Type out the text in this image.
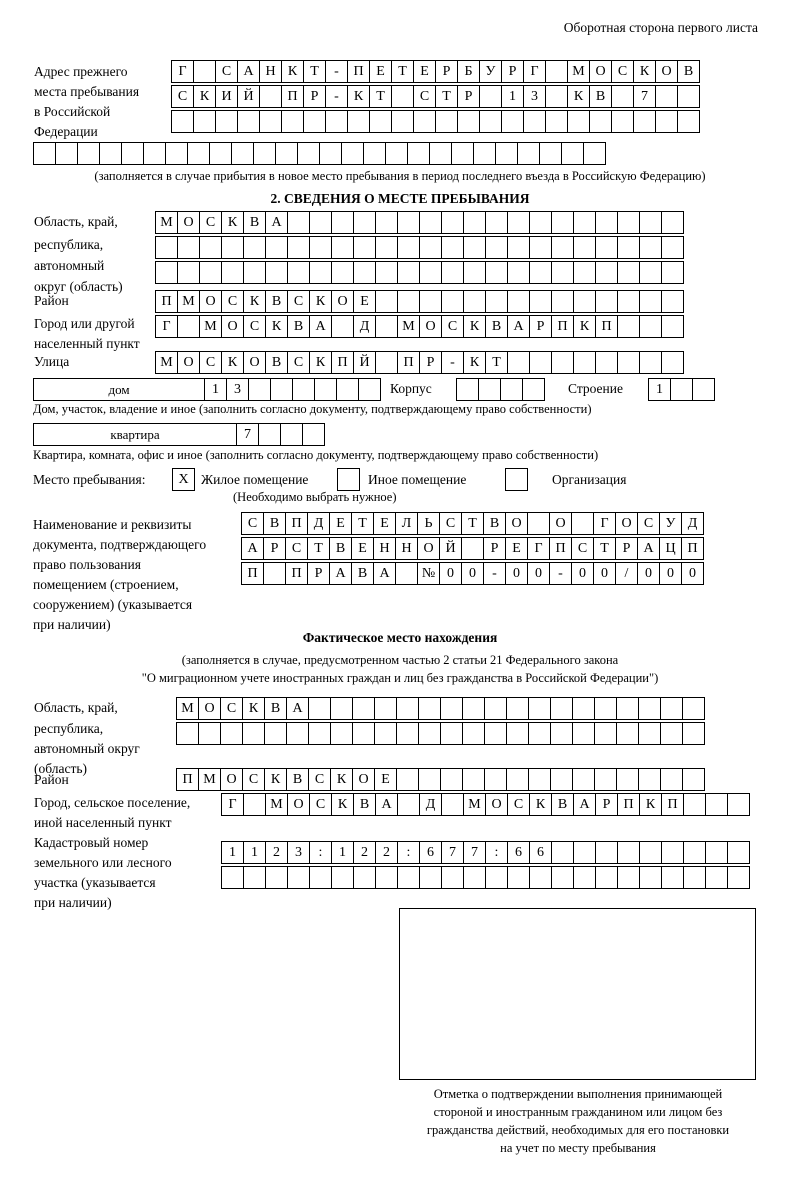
Оборотная сторона первого листа
Адрес прежнего
места пребывания
в Российской
Федерации
Г	С А Н К Т	-	П Е Т Е Р	Б У Р	Г	М О С К О В
С К И Й	П Р	-	К Т	С Т Р	1	3	К В	7
(заполняется в случае прибытия в новое место пребывания в период последнего въезда в Российскую Федерацию)
2. СВЕДЕНИЯ О МЕСТЕ ПРЕБЫВАНИЯ
Область, край,
республика,
автономный
округ (область)
М О С К В А
Район	П М О С К В С К О Е
Город или другой
населенный пункт
Г	М О С К В А	Д	М О С К В А Р П К П
Улица	М О С К О В С К П Й	П Р	-	К Т
дом	1	3	Корпус	Строение	1
Дом, участок, владение и иное (заполнить согласно документу, подтверждающему право собственности)
квартира	7
Квартира, комната, офис и иное (заполнить согласно документу, подтверждающему право собственности)
Место пребывания:	X Жилое помещение	Иное помещение	Организация
(Необходимо выбрать нужное)
Наименование и реквизиты
документа, подтверждающего
право пользования
помещением (строением,
сооружением) (указывается
при наличии)
С В П Д Е Т Е Л Ь С Т В О	О	Г О С У Д
А Р С Т В Е Н Н О Й	Р Е Г П С Т Р А Ц П
П	П Р А В А	№ 0	0	-	0	0	-	0	0	/	0	0	0
Фактическое место нахождения
(заполняется в случае, предусмотренном частью 2 статьи 21 Федерального закона
"О миграционном учете иностранных граждан и лиц без гражданства в Российской Федерации")
Область, край,
республика,
автономный округ
(область)
М О С К В А
Район	П М О С К В С К О Е
Город, сельское поселение,
иной населенный пункт
Г	М О С К В А	Д	М О С К В А Р П К П
Кадастровый номер
земельного или лесного
участка (указывается
при наличии)
1	1	2	3	:	1	2	2	:	6	7	7	:	6	6
Отметка о подтверждении выполнения принимающей
стороной и иностранным гражданином или лицом без
гражданства действий, необходимых для его постановки
на учет по месту пребывания
